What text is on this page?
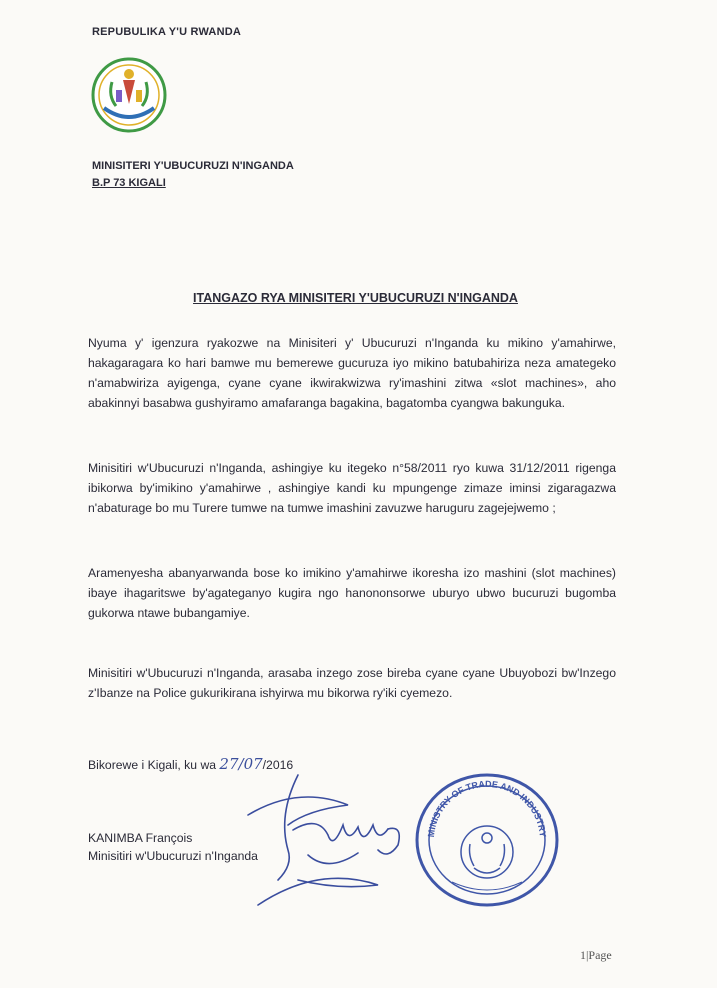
REPUBULIKA Y'U RWANDA
MINISITERI Y'UBUCURUZI N'INGANDA
B.P 73 KIGALI
ITANGAZO RYA MINISITERI Y'UBUCURUZI N'INGANDA

Nyuma y' igenzura ryakozwe na Minisiteri y' Ubucuruzi n'Inganda ku mikino y'amahirwe, hakagaragara ko hari bamwe mu bemerewe gucuruza iyo mikino batubahiriza neza amategeko n'amabwiriza ayigenga, cyane cyane ikwirakwizwa ry'imashini zitwa «slot machines», aho abakinnyi basabwa gushyiramo amafaranga bagakina, bagatomba cyangwa bakunguka.

Minisitiri w'Ubucuruzi n'Inganda, ashingiye ku itegeko n°58/2011 ryo kuwa 31/12/2011 rigenga ibikorwa by'imikino y'amahirwe , ashingiye kandi ku mpungenge zimaze iminsi zigaragazwa n'abaturage bo mu Turere tumwe na tumwe imashini zavuzwe haruguru zagejejwemo ;

Aramenyesha abanyarwanda bose ko imikino y'amahirwe ikoresha izo mashini (slot machines) ibaye ihagaritswe by'agateganyo kugira ngo hanononsorwe uburyo ubwo bucuruzi bugomba gukorwa ntawe bubangamiye.

Minisitiri w'Ubucuruzi n'Inganda, arasaba inzego zose bireba cyane cyane Ubuyobozi bw'Inzego z'Ibanze na Police gukurikirana ishyirwa mu bikorwa ry'iki cyemezo.

Bikorewe i Kigali, ku wa 27/07/2016
KANIMBA François
Minisitiri w'Ubucuruzi n'Inganda
MINISTRY OF TRADE AND INDUSTRY
1|Page
